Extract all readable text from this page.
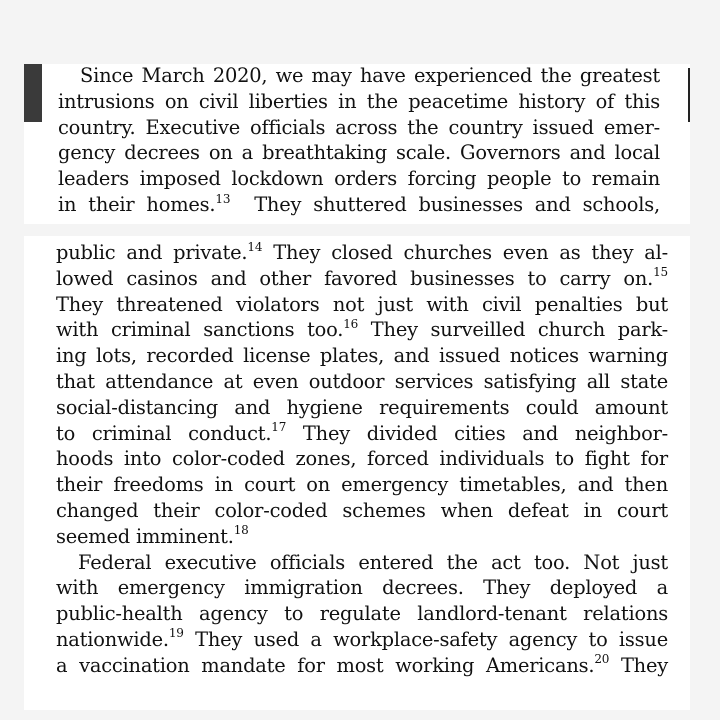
Since March 2020, we may have experienced the greatest
intrusions on civil liberties in the peacetime history of this
country. Executive officials across the country issued emer-
gency decrees on a breathtaking scale. Governors and local
leaders imposed lockdown orders forcing people to remain
in their homes.$^{13}$ They shuttered businesses and schools,
public and private.$^{14}$ They closed churches even as they al-
lowed casinos and other favored businesses to carry on.$^{15}$
They threatened violators not just with civil penalties but
with criminal sanctions too.$^{16}$ They surveilled church park-
ing lots, recorded license plates, and issued notices warning
that attendance at even outdoor services satisfying all state
social-distancing and hygiene requirements could amount
to criminal conduct.$^{17}$ They divided cities and neighbor-
hoods into color-coded zones, forced individuals to fight for
their freedoms in court on emergency timetables, and then
changed their color-coded schemes when defeat in court
seemed imminent.$^{18}$
Federal executive officials entered the act too. Not just
with emergency immigration decrees. They deployed a
public-health agency to regulate landlord-tenant relations
nationwide.$^{19}$ They used a workplace-safety agency to issue
a vaccination mandate for most working Americans.$^{20}$ They
